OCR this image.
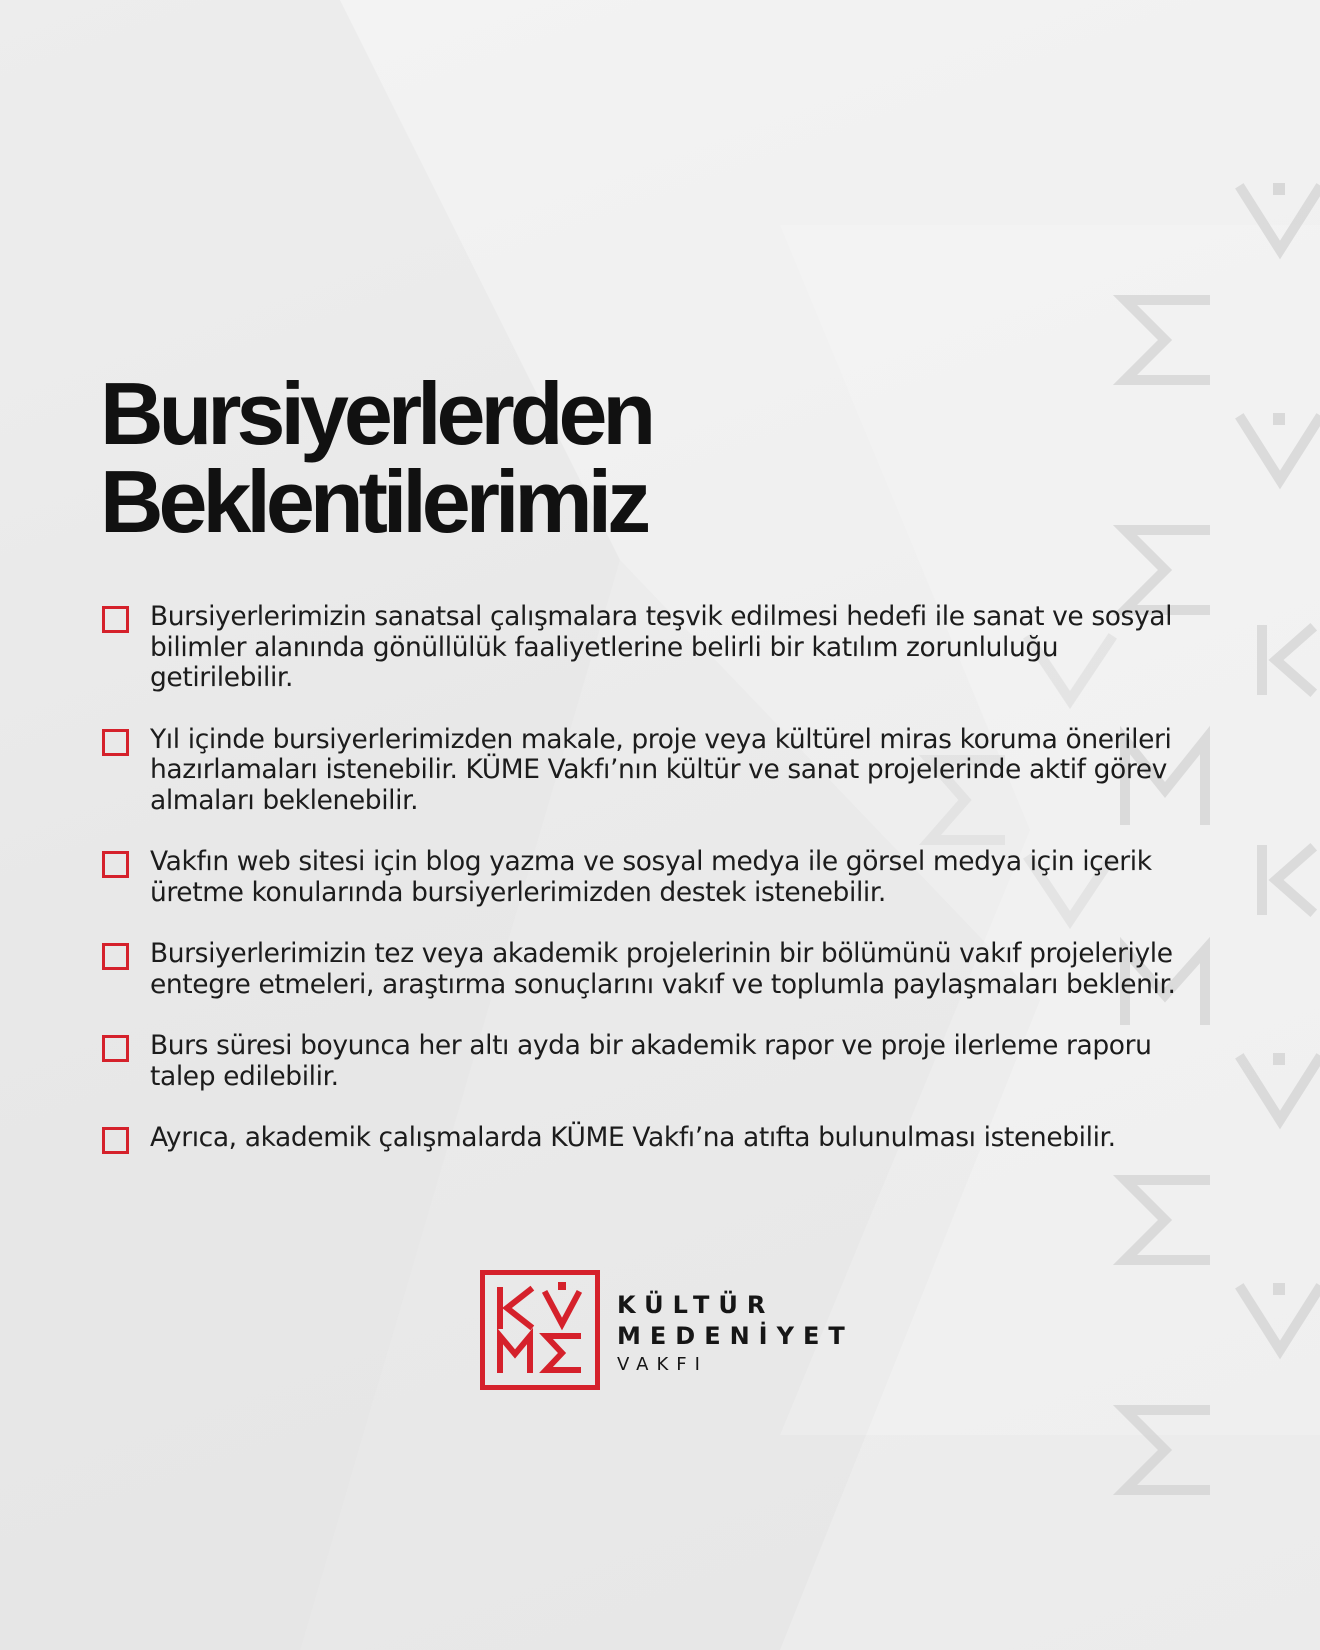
Bursiyerlerden
Beklentilerimiz
Bursiyerlerimizin sanatsal çalışmalara teşvik edilmesi hedefi ile sanat ve sosyal bilimler alanında gönüllülük faaliyetlerine belirli bir katılım zorunluluğu getirilebilir.
Yıl içinde bursiyerlerimizden makale, proje veya kültürel miras koruma önerileri hazırlamaları istenebilir. KÜME Vakfı’nın kültür ve sanat projelerinde aktif görev almaları beklenebilir.
Vakfın web sitesi için blog yazma ve sosyal medya ile görsel medya için içerik üretme konularında bursiyerlerimizden destek istenebilir.
Bursiyerlerimizin tez veya akademik projelerinin bir bölümünü vakıf projeleriyle entegre etmeleri, araştırma sonuçlarını vakıf ve toplumla paylaşmaları beklenir.
Burs süresi boyunca her altı ayda bir akademik rapor ve proje ilerleme raporu talep edilebilir.
Ayrıca, akademik çalışmalarda KÜME Vakfı’na atıfta bulunulması istenebilir.
KÜLTÜR
MEDENİYET
VAKFI
